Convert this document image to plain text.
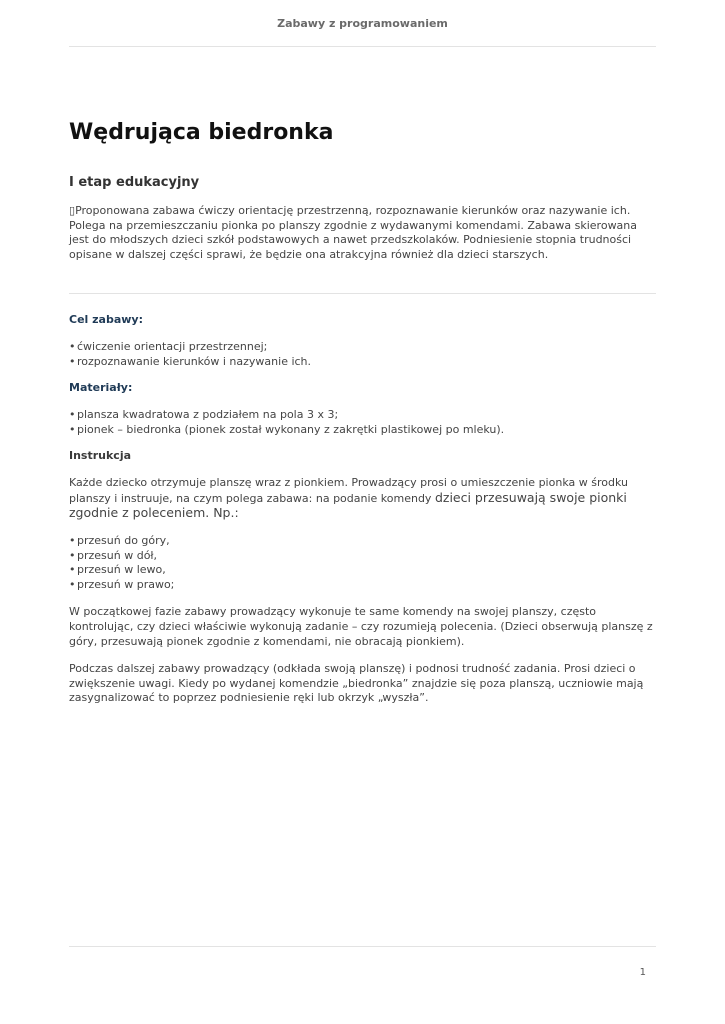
Zabawy z programowaniem
Wędrująca biedronka
I etap edukacyjny

▯Proponowana zabawa ćwiczy orientację przestrzenną, rozpoznawanie kierunków oraz nazywanie ich. Polega na przemieszczaniu pionka po planszy zgodnie z wydawanymi komendami. Zabawa skierowana jest do młodszych dzieci szkół podstawowych a nawet przedszkolaków. Podniesienie stopnia trudności opisane w dalszej części sprawi, że będzie ona atrakcyjna również dla dzieci starszych.

Cel zabawy:
• ćwiczenie orientacji przestrzennej;
• rozpoznawanie kierunków i nazywanie ich.
Materiały:
• plansza kwadratowa z podziałem na pola 3 x 3;
• pionek – biedronka (pionek został wykonany z zakrętki plastikowej po mleku).
Instrukcja

Każde dziecko otrzymuje planszę wraz z pionkiem. Prowadzący prosi o umieszczenie pionka w środku planszy i instruuje, na czym polega zabawa: na podanie komendy dzieci przesuwają swoje pionki zgodnie z poleceniem. Np.:

• przesuń do góry,
• przesuń w dół,
• przesuń w lewo,
• przesuń w prawo;

W początkowej fazie zabawy prowadzący wykonuje te same komendy na swojej planszy, często kontrolując, czy dzieci właściwie wykonują zadanie – czy rozumieją polecenia. (Dzieci obserwują planszę z góry, przesuwają pionek zgodnie z komendami, nie obracają pionkiem).

Podczas dalszej zabawy prowadzący (odkłada swoją planszę) i podnosi trudność zadania. Prosi dzieci o zwiększenie uwagi. Kiedy po wydanej komendzie „biedronka” znajdzie się poza planszą, uczniowie mają zasygnalizować to poprzez podniesienie ręki lub okrzyk „wyszła”.

1
